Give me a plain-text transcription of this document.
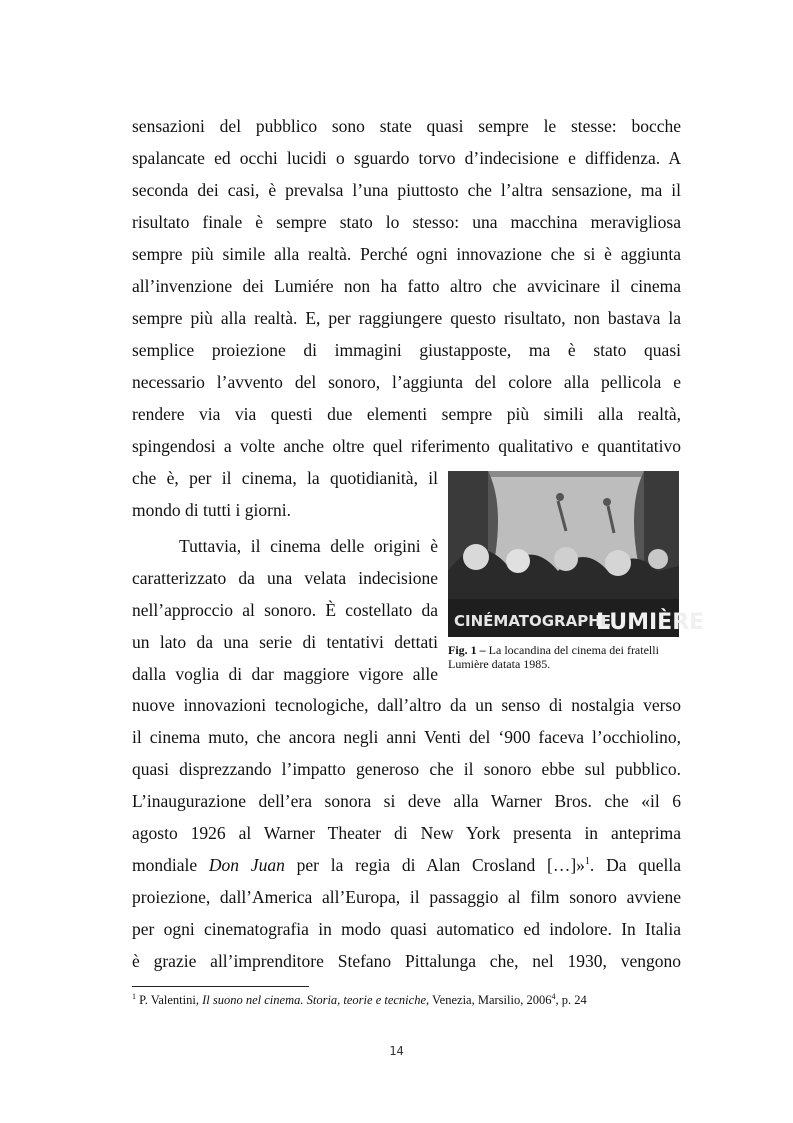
sensazioni del pubblico sono state quasi sempre le stesse: bocche
spalancate ed occhi lucidi o sguardo torvo d’indecisione e diffidenza. A
seconda dei casi, è prevalsa l’una piuttosto che l’altra sensazione, ma il
risultato finale è sempre stato lo stesso: una macchina meravigliosa
sempre più simile alla realtà. Perché ogni innovazione che si è aggiunta
all’invenzione dei Lumiére non ha fatto altro che avvicinare il cinema
sempre più alla realtà. E, per raggiungere questo risultato, non bastava la
semplice proiezione di immagini giustapposte, ma è stato quasi
necessario l’avvento del sonoro, l’aggiunta del colore alla pellicola e
rendere via via questi due elementi sempre più simili alla realtà,
spingendosi a volte anche oltre quel riferimento qualitativo e quantitativo
che è, per il cinema, la quotidianità, il
mondo di tutti i giorni.
Tuttavia, il cinema delle origini è
caratterizzato da una velata indecisione
nell’approccio al sonoro. È costellato da
un lato da una serie di tentativi dettati
dalla voglia di dar maggiore vigore alle
nuove innovazioni tecnologiche, dall’altro da un senso di nostalgia verso
il cinema muto, che ancora negli anni Venti del ‘900 faceva l’occhiolino,
quasi disprezzando l’impatto generoso che il sonoro ebbe sul pubblico.
L’inaugurazione dell’era sonora si deve alla Warner Bros. che «il 6
agosto 1926 al Warner Theater di New York presenta in anteprima
mondiale Don Juan per la regia di Alan Crosland […]»$^1$. Da quella
proiezione, dall’America all’Europa, il passaggio al film sonoro avviene
per ogni cinematografia in modo quasi automatico ed indolore. In Italia
è grazie all’imprenditore Stefano Pittalunga che, nel 1930, vengono
CINÉMATOGRAPHE
LUMIÈRE
Fig. 1 – La locandina del cinema dei fratelli Lumière datata 1985.
$^1$ P. Valentini, Il suono nel cinema. Storia, teorie e tecniche, Venezia, Marsilio, 2006$^4$, p. 24
14
